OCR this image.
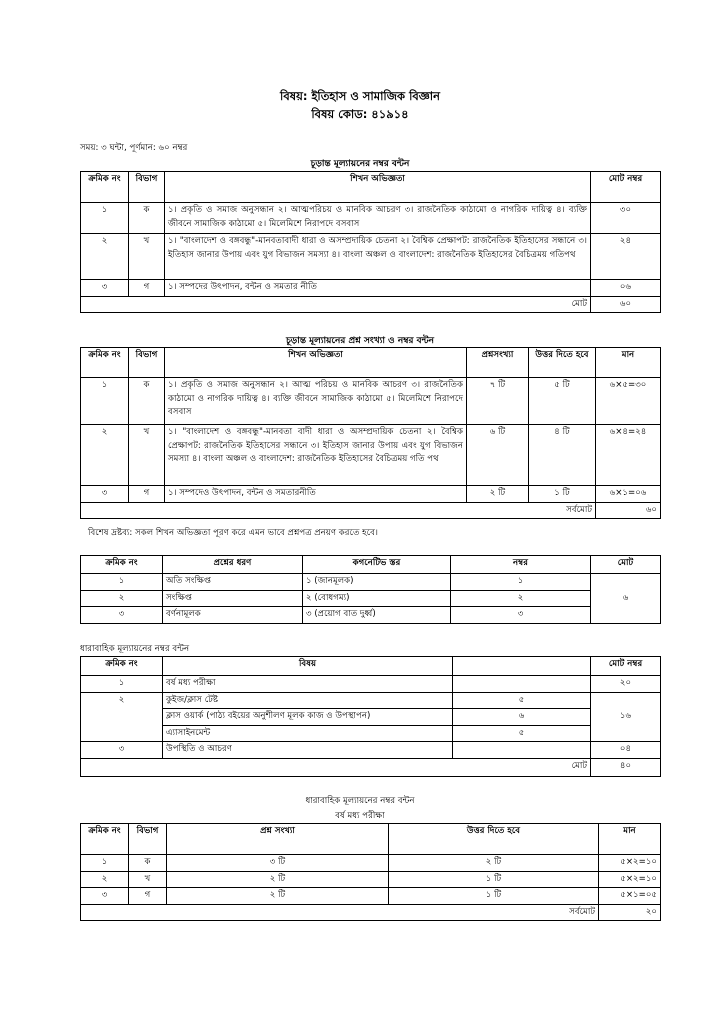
বিষয়: ইতিহাস ও সামাজিক বিজ্ঞান
বিষয় কোড: ৪১৯১৪
সময়: ৩ ঘন্টা, পূর্ণমান: ৬০ নম্বর
চূড়ান্ত মূল্যায়নের নম্বর বন্টন
ক্রমিক নং	বিভাগ	শিখন অভিজ্ঞতা	মোট নম্বর
১	ক	১। প্রকৃতি ও সমাজ অনুসন্ধান ২। আত্মপরিচয় ও মানবিক আচরণ ৩। রাজনৈতিক কাঠামো ও নাগরিক দায়িত্ব ৪। ব্যক্তি জীবনে সামাজিক কাঠামো ৫। মিলেমিশে নিরাপদে বসবাস	৩০
২	খ	১। "বাংলাদেশ ও বঙ্গবন্ধু"-মানবতাবাদী ধারা ও অসম্প্রদায়িক চেতনা ২। বৈশ্বিক প্রেক্ষাপট: রাজনৈতিক ইতিহাসের সন্ধানে ৩। ইতিহাস জানার উপায় এবং যুগ বিভাজন সমস্যা ৪। বাংলা অঞ্চল ও বাংলাদেশ: রাজনৈতিক ইতিহাসের বৈচিত্রময় গতিপথ	২৪
৩	গ	১। সম্পদের উৎপাদন, বন্টন ও সমতার নীতি	০৬
মোট			৬০
চূড়ান্ত মূল্যায়নের প্রশ্ন সংখ্যা ও নম্বর বন্টন
ক্রমিক নং	বিভাগ	শিখন অভিজ্ঞতা	প্রশ্নসংখ্যা	উত্তর দিতে হবে	মান
১	ক	১। প্রকৃতি ও সমাজ অনুসন্ধান ২। আত্ম পরিচয় ও মানবিক আচরণ ৩। রাজনৈতিক কাঠামো ও নাগরিক দায়িত্ব ৪। ব্যক্তি জীবনে সামাজিক কাঠামো ৫। মিলেমিশে নিরাপদে বসবাস	৭ টি	৫ টি	৬×৫=৩০
২	খ	১। "বাংলাদেশ ও বঙ্গবন্ধু"-মানবতা বাদী ধারা ও অসম্প্রদায়িক চেতনা ২। বৈশ্বিক প্রেক্ষাপট: রাজনৈতিক ইতিহাসের সন্ধানে ৩। ইতিহাস জানার উপায় এবং যুগ বিভাজন সমস্যা ৪। বাংলা অঞ্চল ও বাংলাদেশ: রাজনৈতিক ইতিহাসের বৈচিত্রময় গতি পথ	৬ টি	৪ টি	৬×৪=২৪
৩	গ	১। সম্পদেও উৎপাদন, বন্টন ও সমতারনীতি	২ টি	১ টি	৬×১=০৬
সর্বমোট					৬০
বিশেষ দ্রষ্টব্য: সকল শিখন অভিজ্ঞতা পূরণ করে এমন ভাবে প্রশ্নপত্র প্রনয়ণ করতে হবে।
ক্রমিক নং	প্রশ্নের ধরণ	কগনেটিভ স্তর	নম্বর	মোট
১	অতি সংক্ষিপ্ত	১ (জানমূলক)	১	৬
২	সংক্ষিপ্ত	২ (বোধগম্য)	২	
৩	বর্ণনামূলক	৩ (প্রয়োগ বাত দুর্ধ্ব)	৩	
ধারাবাহিক মূল্যায়নের নম্বর বন্টন
ক্রমিক নং	বিষয়		মোট নম্বর
১	বর্ষ মধ্য পরীক্ষা		২০
২	কুইজ/ক্লাস টেষ্ট	৫	১৬
	ক্লাস ওয়ার্ক (পাঠ্য বইয়ের অনুশীলণ মূলক কাজ ও উপস্থাপন)	৬	
	এ্যাসাইনমেন্ট	৫	
৩	উপস্থিতি ও আচরণ		০৪
মোট			৪০
ধারাবাহিক মূল্যায়নের নম্বর বন্টন
বর্ষ মধ্য পরীক্ষা
ক্রমিক নং	বিভাগ	প্রশ্ন সংখ্যা	উত্তর দিতে হবে	মান
১	ক	৩ টি	২ টি	৫×২=১০
২	খ	২ টি	১ টি	৫×২=১০
৩	গ	২ টি	১ টি	৫×১=০৫
সর্বমোট				২০
